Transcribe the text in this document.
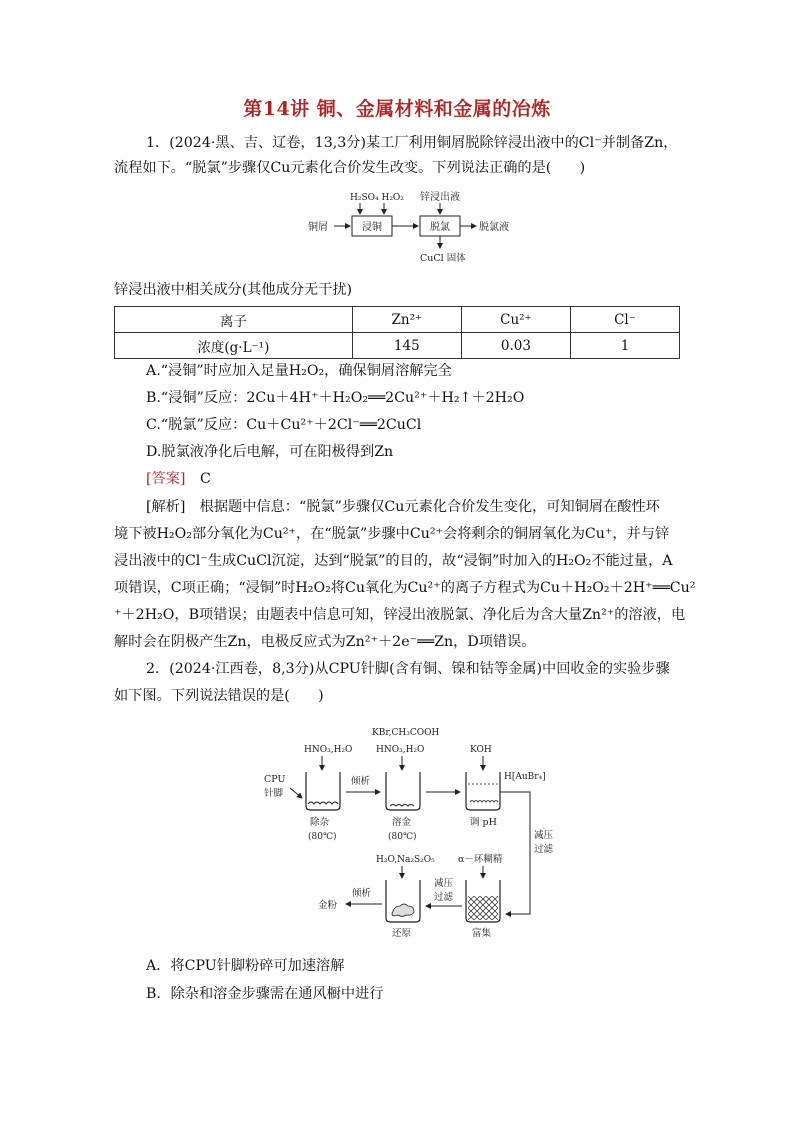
第14讲 铜、金属材料和金属的冶炼
1．(2024·黑、吉、辽卷，13,3分)某工厂利用铜屑脱除锌浸出液中的Cl⁻并制备Zn，
流程如下。“脱氯”步骤仅Cu元素化合价发生改变。下列说法正确的是(　　)
H₂SO₄ H₂O₂ 锌浸出液
铜屑	浸铜	脱氯	脱氯液
CuCl 固体
锌浸出液中相关成分(其他成分无干扰)
离子	Zn²⁺	Cu²⁺	Cl⁻
浓度(g·L⁻¹)	145	0.03	1
A.“浸铜”时应加入足量H₂O₂，确保铜屑溶解完全
B.“浸铜”反应：2Cu＋4H⁺＋H₂O₂══2Cu²⁺＋H₂↑＋2H₂O
C.“脱氯”反应：Cu＋Cu²⁺＋2Cl⁻══2CuCl
D.脱氯液净化后电解，可在阳极得到Zn
[答案] C
[解析]　根据题中信息：“脱氯”步骤仅Cu元素化合价发生变化，可知铜屑在酸性环
境下被H₂O₂部分氧化为Cu²⁺，在“脱氯”步骤中Cu²⁺会将剩余的铜屑氧化为Cu⁺，并与锌
浸出液中的Cl⁻生成CuCl沉淀，达到“脱氯”的目的，故“浸铜”时加入的H₂O₂不能过量，A
项错误，C项正确；“浸铜”时H₂O₂将Cu氧化为Cu²⁺的离子方程式为Cu＋H₂O₂＋2H⁺══Cu²
⁺＋2H₂O，B项错误；由题表中信息可知，锌浸出液脱氯、净化后为含大量Zn²⁺的溶液，电
解时会在阴极产生Zn，电极反应式为Zn²⁺＋2e⁻══Zn，D项错误。
2．(2024·江西卷，8,3分)从CPU针脚(含有铜、镍和钴等金属)中回收金的实验步骤
如下图。下列说法错误的是(　　)
HNO₃,H₂O
KBr,CH₃COOH
HNO₃,H₂O	KOH
CPU
针脚
除杂
(80℃)
倾析
溶金
(80℃)
H[AuBr₄]
调 pH
减压
过滤
H₂O,Na₂S₂O₅ α－环糊精
还原	富集
减压
过滤
倾析
金粉
A．将CPU针脚粉碎可加速溶解
B．除杂和溶金步骤需在通风橱中进行
